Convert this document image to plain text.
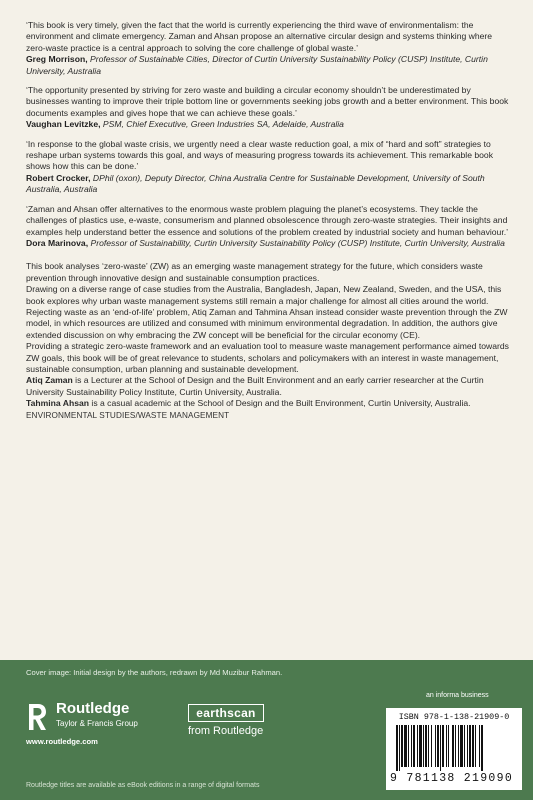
‘This book is very timely, given the fact that the world is currently experiencing the third wave of environmentalism: the environment and climate emergency. Zaman and Ahsan propose an alternative circular design and systems thinking where zero-waste practice is a central approach to solving the core challenge of global waste.’

Greg Morrison, Professor of Sustainable Cities, Director of Curtin University Sustainability Policy (CUSP) Institute, Curtin University, Australia

‘The opportunity presented by striving for zero waste and building a circular economy shouldn’t be underestimated by businesses wanting to improve their triple bottom line or governments seeking jobs growth and a better environment. This book documents examples and gives hope that we can achieve these goals.’

Vaughan Levitzke, PSM, Chief Executive, Green Industries SA, Adelaide, Australia

‘In response to the global waste crisis, we urgently need a clear waste reduction goal, a mix of “hard and soft” strategies to reshape urban systems towards this goal, and ways of measuring progress towards its achievement. This remarkable book shows how this can be done.’

Robert Crocker, DPhil (oxon), Deputy Director, China Australia Centre for Sustainable Development, University of South Australia, Australia

‘Zaman and Ahsan offer alternatives to the enormous waste problem plaguing the planet’s ecosystems. They tackle the challenges of plastics use, e-waste, consumerism and planned obsolescence through zero-waste strategies. Their insights and examples help understand better the essence and solutions of the problem created by industrial society and human behaviour.’

Dora Marinova, Professor of Sustainability, Curtin University Sustainability Policy (CUSP) Institute, Curtin University, Australia

This book analyses ‘zero-waste’ (ZW) as an emerging waste management strategy for the future, which considers waste prevention through innovative design and sustainable consumption practices.

Drawing on a diverse range of case studies from the Australia, Bangladesh, Japan, New Zealand, Sweden, and the USA, this book explores why urban waste management systems still remain a major challenge for almost all cities around the world. Rejecting waste as an ‘end-of-life’ problem, Atiq Zaman and Tahmina Ahsan instead consider waste prevention through the ZW model, in which resources are utilized and consumed with minimum environmental degradation. In addition, the authors give extended discussion on why embracing the ZW concept will be beneficial for the circular economy (CE).

Providing a strategic zero-waste framework and an evaluation tool to measure waste management performance aimed towards ZW goals, this book will be of great relevance to students, scholars and policymakers with an interest in waste management, sustainable consumption, urban planning and sustainable development.

Atiq Zaman is a Lecturer at the School of Design and the Built Environment and an early carrier researcher at the Curtin University Sustainability Policy Institute, Curtin University, Australia.

Tahmina Ahsan is a casual academic at the School of Design and the Built Environment, Curtin University, Australia.

ENVIRONMENTAL STUDIES/WASTE MANAGEMENT

Cover image: Initial design by the authors, redrawn by Md Muzibur Rahman.
Routledge
Taylor & Francis Group
www.routledge.com
earthscan
from Routledge
an informa business
ISBN 978-1-138-21909-0
9 781138 219090
Routledge titles are available as eBook editions in a range of digital formats
